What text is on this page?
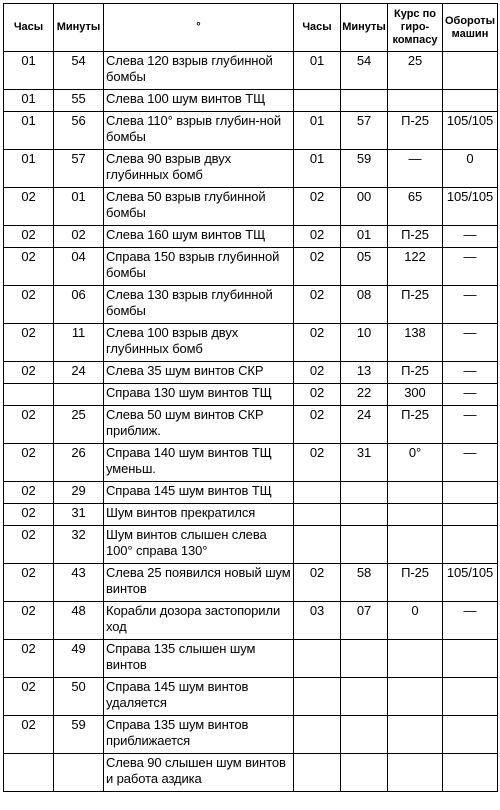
Часы	Минуты	°	Часы	Минуты	Курс по гиро-компасу	Обороты машин
01	54	Слева 120 взрыв глубинной бомбы	01	54	25	
01	55	Слева 100 шум винтов ТЩ				
01	56	Слева 110° взрыв глубин-ной бомбы	01	57	П-25	105/105
01	57	Слева 90 взрыв двух глубинных бомб	01	59	—	0
02	01	Слева 50 взрыв глубинной бомбы	02	00	65	105/105
02	02	Слева 160 шум винтов ТЩ	02	01	П-25	—
02	04	Справа 150 взрыв глубинной бомбы	02	05	122	—
02	06	Слева 130 взрыв глубинной бомбы	02	08	П-25	—
02	11	Слева 100 взрыв двух глубинных бомб	02	10	138	—
02	24	Слева 35 шум винтов СКР	02	13	П-25	—
		Справа 130 шум винтов ТЩ	02	22	300	—
02	25	Слева 50 шум винтов СКР приближ.	02	24	П-25	—
02	26	Справа 140 шум винтов ТЩ уменьш.	02	31	0°	—
02	29	Справа 145 шум винтов ТЩ				
02	31	Шум винтов прекратился				
02	32	Шум винтов слышен слева 100° справа 130°				
02	43	Слева 25 появился новый шум винтов	02	58	П-25	105/105
02	48	Корабли дозора застопорили ход	03	07	0	—
02	49	Справа 135 слышен шум винтов				
02	50	Справа 145 шум винтов удаляется				
02	59	Справа 135 шум винтов приближается				
		Слева 90 слышен шум винтов и работа аздика				
